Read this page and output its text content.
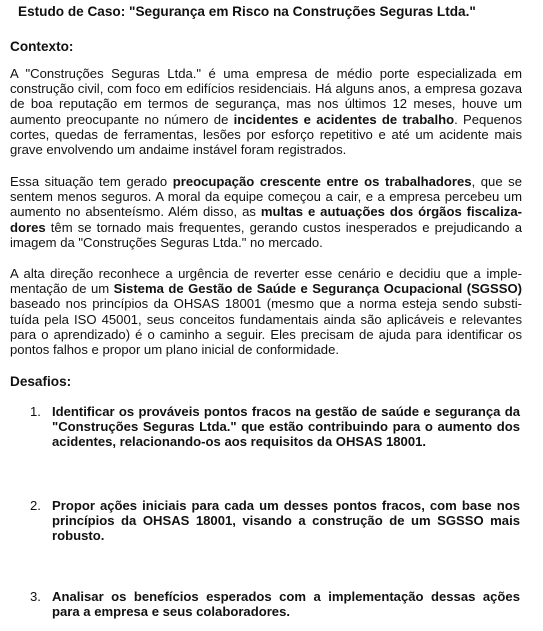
Estudo de Caso: "Segurança em Risco na Construções Seguras Ltda."
Contexto:

A "Construções Seguras Ltda." é uma empresa de médio porte especializada em construção civil, com foco em edifícios residenciais. Há alguns anos, a empresa gozava de boa reputação em termos de segurança, mas nos últimos 12 meses, houve um aumento preocupante no número de incidentes e acidentes de trabalho. Pequenos cortes, quedas de ferramentas, lesões por esforço repetitivo e até um acidente mais grave envolvendo um andaime instável foram registrados.

Essa situação tem gerado preocupação crescente entre os trabalhadores, que se sentem menos seguros. A moral da equipe começou a cair, e a empresa percebeu um aumento no absenteísmo. Além disso, as multas e autuações dos órgãos fiscalizadores têm se tornado mais frequentes, gerando custos inesperados e prejudicando a imagem da "Construções Seguras Ltda." no mercado.

A alta direção reconhece a urgência de reverter esse cenário e decidiu que a implementação de um Sistema de Gestão de Saúde e Segurança Ocupacional (SGSSO) baseado nos princípios da OHSAS 18001 (mesmo que a norma esteja sendo substituída pela ISO 45001, seus conceitos fundamentais ainda são aplicáveis e relevantes para o aprendizado) é o caminho a seguir. Eles precisam de ajuda para identificar os pontos falhos e propor um plano inicial de conformidade.

Desafios:
1. Identificar os prováveis pontos fracos na gestão de saúde e segurança da "Construções Seguras Ltda." que estão contribuindo para o aumento dos acidentes, relacionando-os aos requisitos da OHSAS 18001.
2. Propor ações iniciais para cada um desses pontos fracos, com base nos princípios da OHSAS 18001, visando a construção de um SGSSO mais robusto.
3. Analisar os benefícios esperados com a implementação dessas ações para a empresa e seus colaboradores.
